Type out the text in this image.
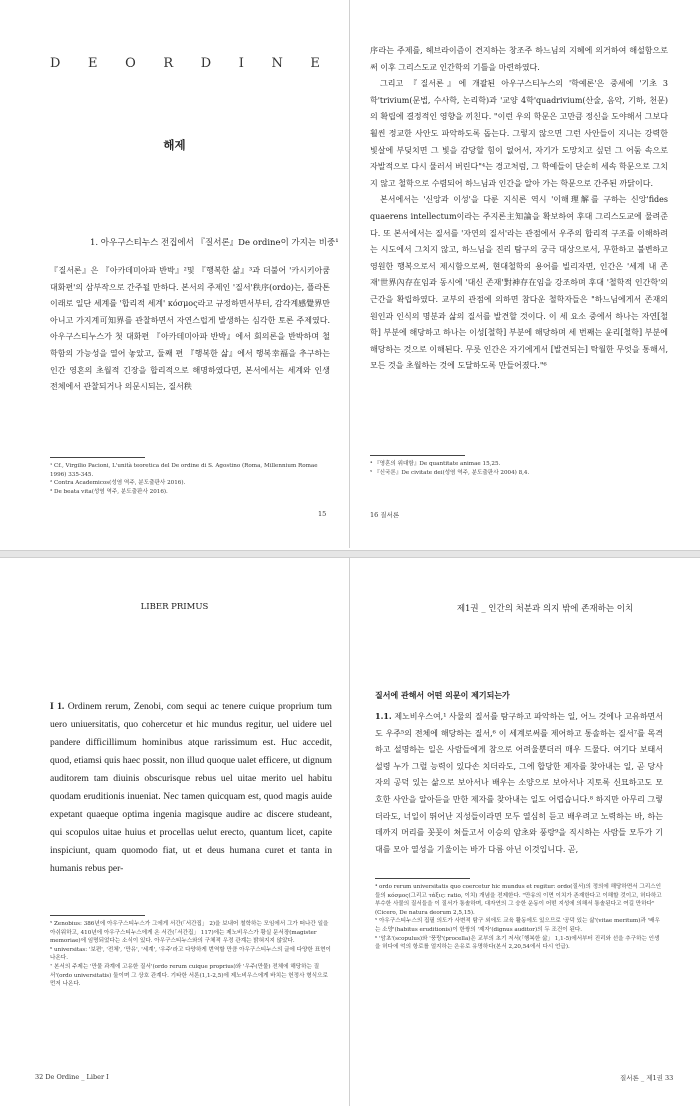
D E O R D I N E
해제
1. 아우구스티누스 전집에서 『질서론』De ordine이 가지는 비중¹

『질서론』은 『아카데미아파 반박』²및 『행복한 삶』³과 더불어 '카시키아쿰 대화편'의 삼부작으로 간주될 만하다. 본서의 주제인 '질서'秩序(ordo)는, 플라톤 이래로 일단 세계를 '합리적 세계' κόσμος라고 규정하면서부터, 감각계感覺界만 아니고 가지계可知界를 관찰하면서 자연스럽게 발생하는 심각한 토론 주제였다. 아우구스티누스가 첫 대화편 『아카데미아파 반박』에서 회의론을 반박하며 철학함의 가능성을 열어 놓았고, 둘째 편 『행복한 삶』에서 행복幸福을 추구하는 인간 영혼의 초월적 긴장을 합리적으로 해명하였다면, 본서에서는 세계와 인생 전체에서 관찰되거나 의문시되는, 질서秩

¹ Cf., Virgilio Pacioni, L'unità teoretica del De ordine di S. Agostino (Roma, Millennium Romae 1996) 335-345.

² Contra Academicos(성염 역주, 분도출판사 2016).

³ De beata vita(성염 역주, 분도출판사 2016).

15

序라는 주제를, 헤브라이즘이 견지하는 창조주 하느님의 지혜에 의거하여 해설함으로써 이후 그리스도교 인간학의 기틀을 마련하였다.

그리고 『질서론』에 개괄된 아우구스티누스의 '학예론'은 중세에 '기초 3학'trivium(문법, 수사학, 논리학)과 '교양 4학'quadrivium(산술, 음악, 기하, 천문)의 확립에 결정적인 영향을 끼친다. "이런 우의 학문은 고만큼 정신을 도야해서 그보다 훨씬 정교한 사안도 파악하도록 돕는다. 그렇지 않으면 그런 사안들이 지니는 강력한 빛살에 부딪치면 그 빛을 감당할 힘이 없어서, 자기가 도망치고 싶던 그 어둠 속으로 자발적으로 다시 물러서 버린다"⁴는 경고처럼, 그 학예들이 단순히 세속 학문으로 그치지 않고 철학으로 수렴되어 하느님과 인간을 알아 가는 학문으로 간주된 까닭이다.

본서에서는 '신앙과 이성'을 다룬 지식론 역시 '이해理解를 구하는 신앙'fides quaerens intellectum이라는 주지론主知論을 확보하여 후대 그리스도교에 물려준다. 또 본서에서는 질서를 '자연의 질서'라는 관점에서 우주의 합리적 구조를 이해하려는 시도에서 그치지 않고, 하느님을 진리 탐구의 궁극 대상으로서, 무한하고 불변하고 영원한 행복으로서 제시함으로써, 현대철학의 용어를 빌리자면, 인간은 '세계 내 존재'世界內存在임과 동시에 '대신 존재'對神存在임을 강조하며 후대 '철학적 인간학'의 근간을 확립하였다. 교부의 관점에 의하면 참다운 철학자들은 "하느님에게서 존재의 원인과 인식의 명분과 삶의 질서를 발견할 것이다. 이 세 요소 중에서 하나는 자연[철학] 부분에 해당하고 하나는 이성[철학] 부분에 해당하며 세 번째는 윤리[철학] 부분에 해당하는 것으로 이해된다. 무릇 인간은 자기에게서 [발견되는] 탁월한 무엇을 통해서, 모든 것을 초월하는 것에 도달하도록 만들어졌다."⁶

⁴ 『영혼의 위대함』De quantitate animae 15,25.

⁵ 『신국론』De civitate dei(성염 역주, 분도출판사 2004) 8,4.

16 질서론
LIBER PRIMUS

I 1. Ordinem rerum, Zenobi, com sequi ac tenere cuique proprium tum uero uniuersitatis, quo cohercetur et hic mundus regitur, uel uidere uel pandere difficillimum hominibus atque rarissimum est. Huc accedit, quod, etiamsi quis haec possit, non illud quoque ualet efficere, ut dignum auditorem tam diuinis obscurisque rebus uel uitae merito uel habitu quodam eruditionis inueniat. Nec tamen quicquam est, quod magis auide expetant quaeque optima ingenia magisque audire ac discere studeant, qui scopulos uitae huius et procellas uelut erecto, quantum licet, capite inspiciunt, quam quomodo fiat, ut et deus humana curet et tanta in humanis rebus per-

⁵ Zenobius: 386년에 아우구스티누스가 그에게 서간(「서간집」 2)을 보내어 철학하는 모임에서 그가 떠나간 일을 아쉬워하고, 410년에 아우구스티누스에게 온 서간(「서간집」 117)에는 제노비우스가 황실 문서장(magister memoriae)에 임명되었다는 소식이 있다. 아우구스티누스와의 구체적 우정 관계는 밝혀지지 않았다.

⁶ universitas: '보편', '전체', '만유', '세계', '우주'라고 다양하게 번역할 만큼 아우구스티누스의 글에 다양한 표현이 나온다.

⁷ 본서의 주제는 '만물 과계에 고유한 질서'(ordo rerum cuique proprius)와 '우주(만물) 전체에 해당하는 질서'(ordo universitatis) 둘이며 그 상호 관계다. 기타한 서론(1,1-2,5)에 제노비우스에게 바치는 헌정사 형식으로 먼저 나온다.

32 De Ordine _ Liber I
제1권 _ 인간의 처분과 의지 밖에 존재하는 이치
질서에 관해서 어떤 의문이 제기되는가

1.1. 제노비우스여,¹ 사물의 질서를 탐구하고 파악하는 일, 어느 것에나 고유하면서도 우주⁵의 전체에 해당하는 질서,⁶ 이 세계로써를 제어하고 통솔하는 질서⁷를 목격하고 설명하는 일은 사람들에게 참으로 어려울뿐더러 매우 드물다. 여기다 보태서 설령 누가 그럴 능력이 있다손 치더라도, 그에 합당한 제자를 찾아내는 일, 곧 당사자의 공덕 있는 삶으로 보아서나 배우는 소양으로 보아서나 지토록 신묘하고도 모호한 사안을 알아듣을 만한 제자를 찾아내는 일도 어렵습니다.⁸ 하지만 아무리 그렇더라도, 너일이 뛰어난 지성들이라면 모두 열심히 듣고 배우려고 노력하는 바, 하는 데까지 머리를 꼿꼿이 쳐들고서 이승의 암초와 풍랑⁹을 직시하는 사람들 모두가 기대를 모아 열성을 기울이는 바가 다름 아닌 이것입니다. 곧,

⁴ ordo rerum universitatis quo coercetur hic mundus et regitur: ordo(질서)의 정의에 해당하면서 그리스인들의 κόσμος(그리고 τάξις: ratio, 이치) 개념을 전제한다. "만유의 이면 이치가 존재한다고 이해할 것이고, 허다하고 부수한 사물의 질서들을 이 질서가 통솔하며, 대자연의 그 숭한 운동이 어떤 지성에 의해서 통솔된다고 여길 만하다"(Cicero, De natura deorum 2,5,15).

⁵ 아우구스티누스의 집필 의도가 사변적 탐구 외에도 교육 활동에도 있으므로 '공덕 있는 삶'(vitae meritum)과 '배우는 소양'(habitus eruditionis)이 한쌍의 '제자'(dignus auditor)의 두 조건이 된다.

⁶ '암초'(scopulus)와 '풍랑'(procella)은 교부의 초기 저서(「행복한 삶」 1,1-5)에서부터 진리와 선을 추구하는 인생을 허다에 억의 항로를 얼지하는 은유로 유명하다(본서 2,20,54에서 다시 언급).

질서론 _ 제1권 33
